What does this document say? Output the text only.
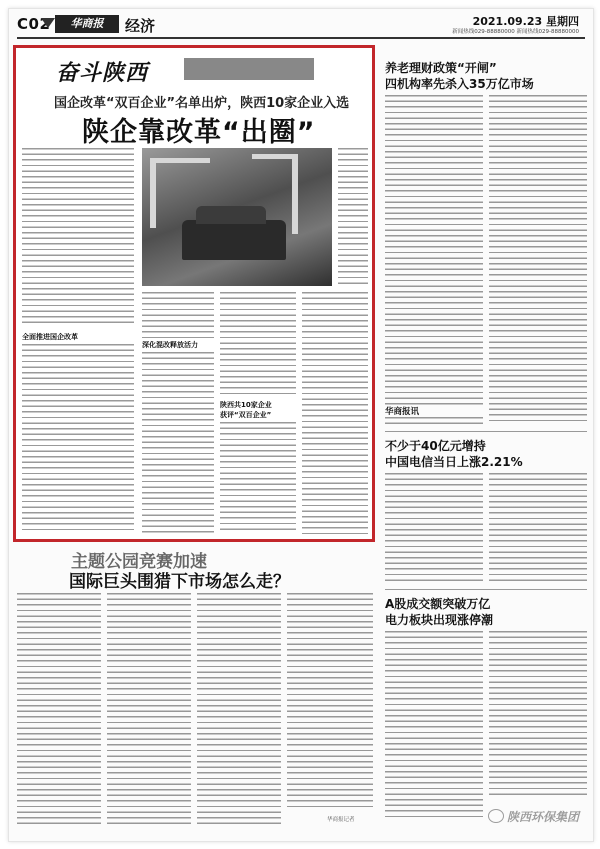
C02	华商报	经济	2021.09.23 星期四
新闻热线029-88880000 新闻热线029-88880000
奋斗陕西
国企改革“双百企业”名单出炉，陕西10家企业入选
陕企靠改革“出圈”
全面推进国企改革
深化混改释放活力
陕西共10家企业
获评“双百企业”
养老理财政策“开闸”
四机构率先杀入35万亿市场
华商报讯
不少于40亿元增持
中国电信当日上涨2.21%
A股成交额突破万亿
电力板块出现涨停潮
主题公园竞赛加速
国际巨头围猎下市场怎么走？
华商报记者	陕西环保集团
